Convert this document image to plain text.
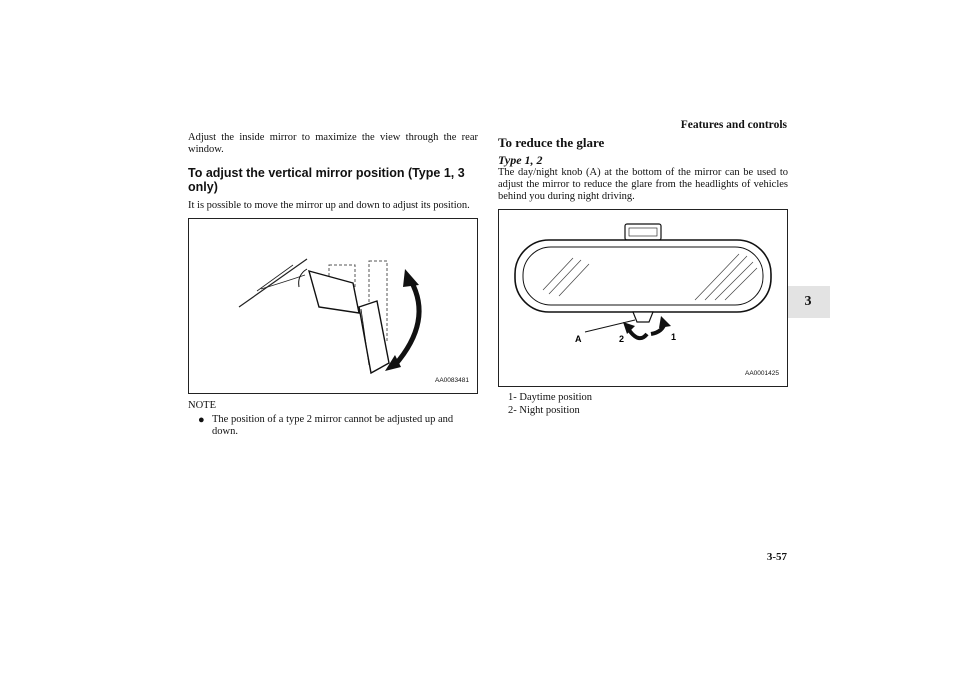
Features and controls
3

Adjust the inside mirror to maximize the view through the rear window.

To adjust the vertical mirror position (Type 1, 3 only)

It is possible to move the mirror up and down to adjust its position.

AA0083481
NOTE
● The position of a type 2 mirror cannot be adjusted up and down.
To reduce the glare
Type 1, 2

The day/night knob (A) at the bottom of the mirror can be used to adjust the mirror to reduce the glare from the headlights of vehicles behind you during night driving.

A	2	1
AA0001425
1- Daytime position
2- Night position
3-57
